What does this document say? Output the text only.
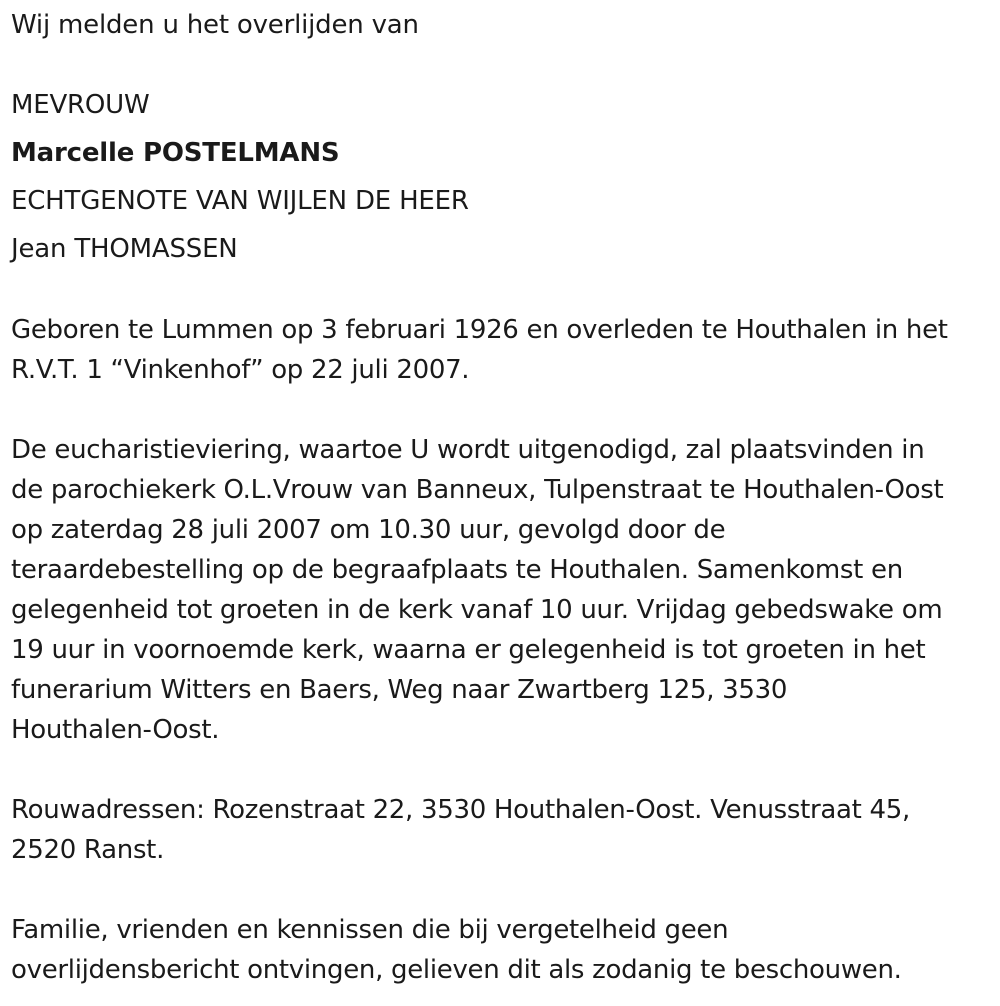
Wij melden u het overlijden van
MEVROUW
Marcelle POSTELMANS
ECHTGENOTE VAN WIJLEN DE HEER
Jean THOMASSEN
Geboren te Lummen op 3 februari 1926 en overleden te Houthalen in het
R.V.T. 1 “Vinkenhof” op 22 juli 2007.
De eucharistieviering, waartoe U wordt uitgenodigd, zal plaatsvinden in
de parochiekerk O.L.Vrouw van Banneux, Tulpenstraat te Houthalen-Oost
op zaterdag 28 juli 2007 om 10.30 uur, gevolgd door de
teraardebestelling op de begraafplaats te Houthalen. Samenkomst en
gelegenheid tot groeten in de kerk vanaf 10 uur. Vrijdag gebedswake om
19 uur in voornoemde kerk, waarna er gelegenheid is tot groeten in het
funerarium Witters en Baers, Weg naar Zwartberg 125, 3530
Houthalen-Oost.
Rouwadressen: Rozenstraat 22, 3530 Houthalen-Oost. Venusstraat 45,
2520 Ranst.
Familie, vrienden en kennissen die bij vergetelheid geen
overlijdensbericht ontvingen, gelieven dit als zodanig te beschouwen.
